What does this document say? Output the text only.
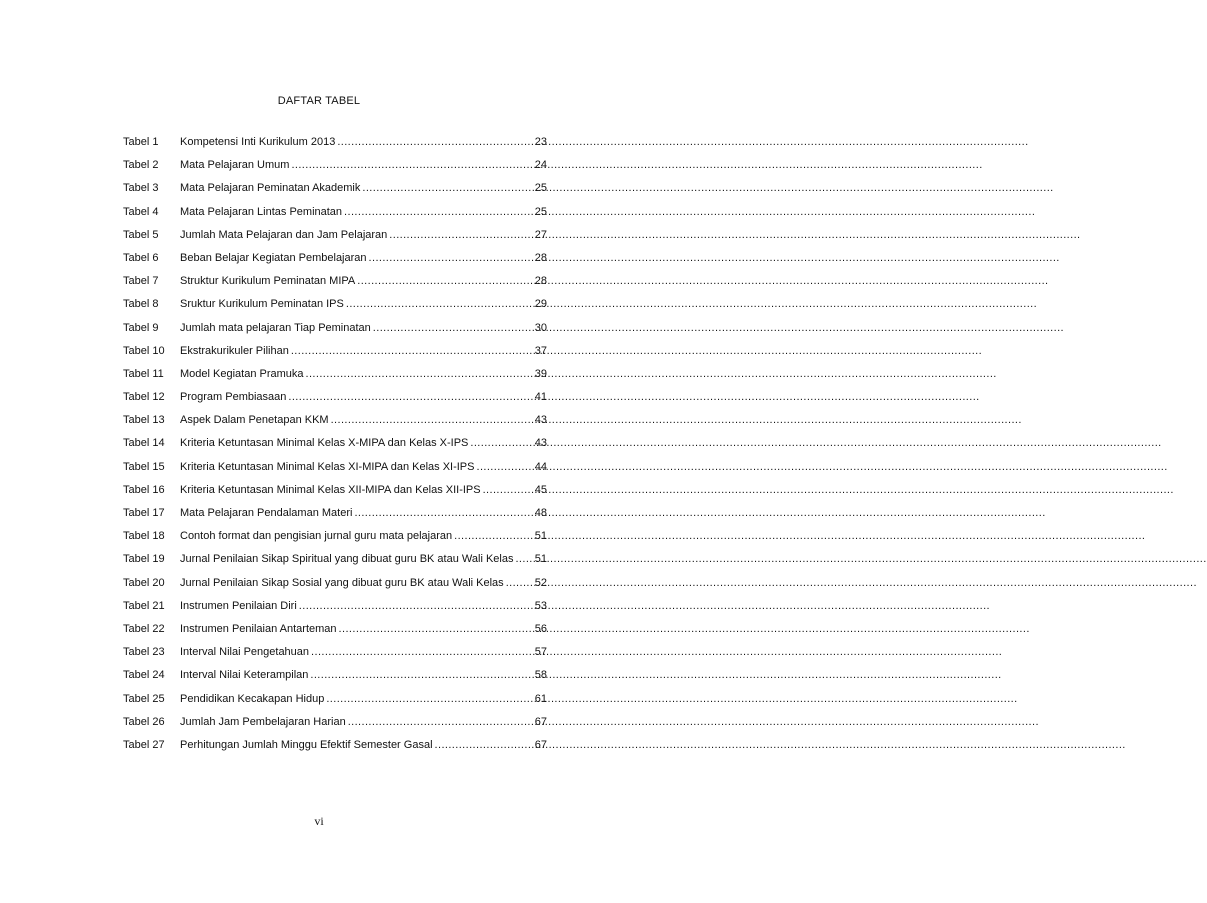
DAFTAR TABEL
Tabel 1	Kompetensi Inti Kurikulum 2013 .....	23
Tabel 2	Mata Pelajaran Umum .....	24
Tabel 3	Mata Pelajaran Peminatan Akademik .....	25
Tabel 4	Mata Pelajaran Lintas Peminatan .....	25
Tabel 5	Jumlah Mata Pelajaran dan Jam Pelajaran .....	27
Tabel 6	Beban Belajar Kegiatan Pembelajaran .....	28
Tabel 7	Struktur Kurikulum Peminatan MIPA .....	28
Tabel 8	Sruktur Kurikulum Peminatan IPS .....	29
Tabel 9	Jumlah mata pelajaran Tiap Peminatan .....	30
Tabel 10	Ekstrakurikuler Pilihan .....	37
Tabel 11	Model Kegiatan Pramuka .....	39
Tabel 12	Program Pembiasaan .....	41
Tabel 13	Aspek Dalam Penetapan KKM .....	43
Tabel 14	Kriteria Ketuntasan Minimal Kelas X-MIPA dan Kelas X-IPS .....	43
Tabel 15	Kriteria Ketuntasan Minimal Kelas XI-MIPA dan Kelas XI-IPS .....	44
Tabel 16	Kriteria Ketuntasan Minimal Kelas XII-MIPA dan Kelas XII-IPS .....	45
Tabel 17	Mata Pelajaran Pendalaman Materi .....	48
Tabel 18	Contoh format dan pengisian jurnal guru mata pelajaran .....	51
Tabel 19	Jurnal Penilaian Sikap Spiritual yang dibuat guru BK atau Wali Kelas ..... 51
Tabel 20	Jurnal Penilaian Sikap Sosial yang dibuat guru BK atau Wali Kelas .....	52
Tabel 21	Instrumen Penilaian Diri .....	53
Tabel 22	Instrumen Penilaian Antarteman .....	56
Tabel 23	Interval Nilai Pengetahuan .....	57
Tabel 24	Interval Nilai Keterampilan .....	58
Tabel 25	Pendidikan Kecakapan Hidup .....	61
Tabel 26	Jumlah Jam Pembelajaran Harian .....	67
Tabel 27	Perhitungan Jumlah Minggu Efektif Semester Gasal .....	67
vi
